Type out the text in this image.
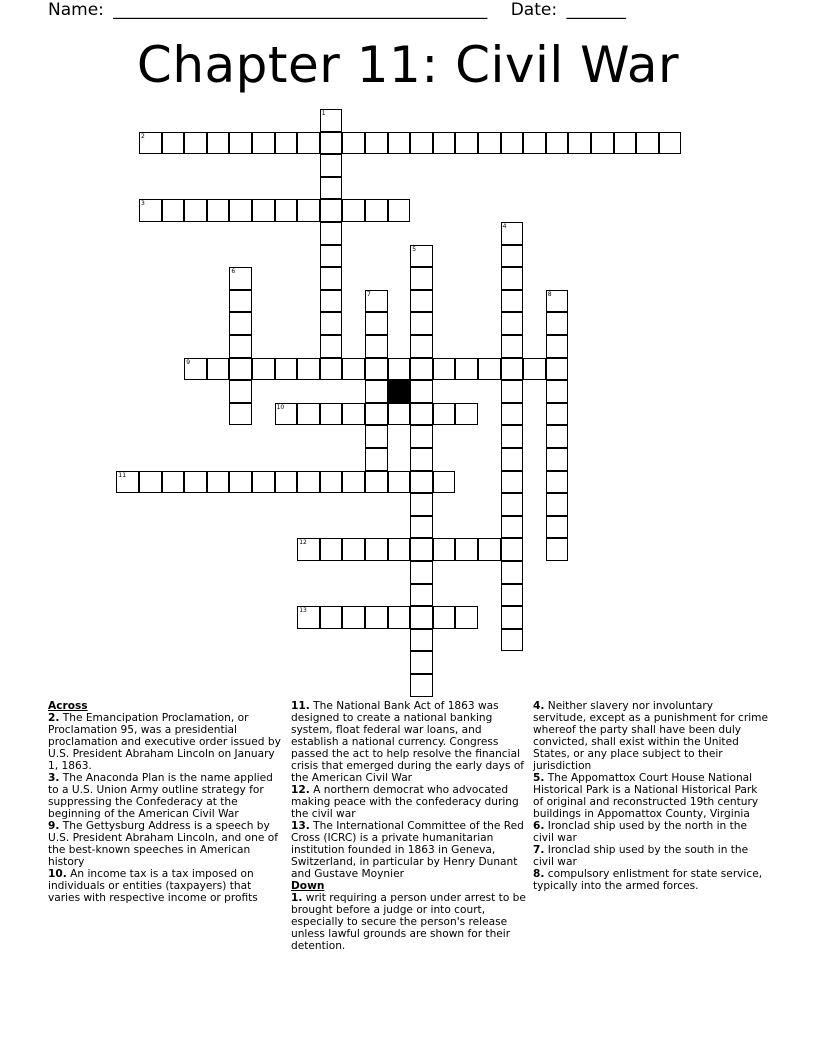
Name: ____________________________________________ Date: _______
Chapter 11: Civil War
1
2
3
4
5
6
7	8
9
10
11
12
13

Across

2. The Emancipation Proclamation, or Proclamation 95, was a presidential proclamation and executive order issued by U.S. President Abraham Lincoln on January 1, 1863.

3. The Anaconda Plan is the name applied to a U.S. Union Army outline strategy for suppressing the Confederacy at the beginning of the American Civil War

9. The Gettysburg Address is a speech by U.S. President Abraham Lincoln, and one of the best-known speeches in American history

10. An income tax is a tax imposed on individuals or entities (taxpayers) that varies with respective income or profits

11. The National Bank Act of 1863 was designed to create a national banking system, float federal war loans, and establish a national currency. Congress passed the act to help resolve the financial crisis that emerged during the early days of the American Civil War

12. A northern democrat who advocated making peace with the confederacy during the civil war

13. The International Committee of the Red Cross (ICRC) is a private humanitarian institution founded in 1863 in Geneva, Switzerland, in particular by Henry Dunant and Gustave Moynier

Down

1. writ requiring a person under arrest to be brought before a judge or into court, especially to secure the person's release unless lawful grounds are shown for their detention.

4. Neither slavery nor involuntary servitude, except as a punishment for crime whereof the party shall have been duly convicted, shall exist within the United States, or any place subject to their jurisdiction

5. The Appomattox Court House National Historical Park is a National Historical Park of original and reconstructed 19th century buildings in Appomattox County, Virginia

6. Ironclad ship used by the north in the civil war

7. Ironclad ship used by the south in the civil war

8. compulsory enlistment for state service, typically into the armed forces.
